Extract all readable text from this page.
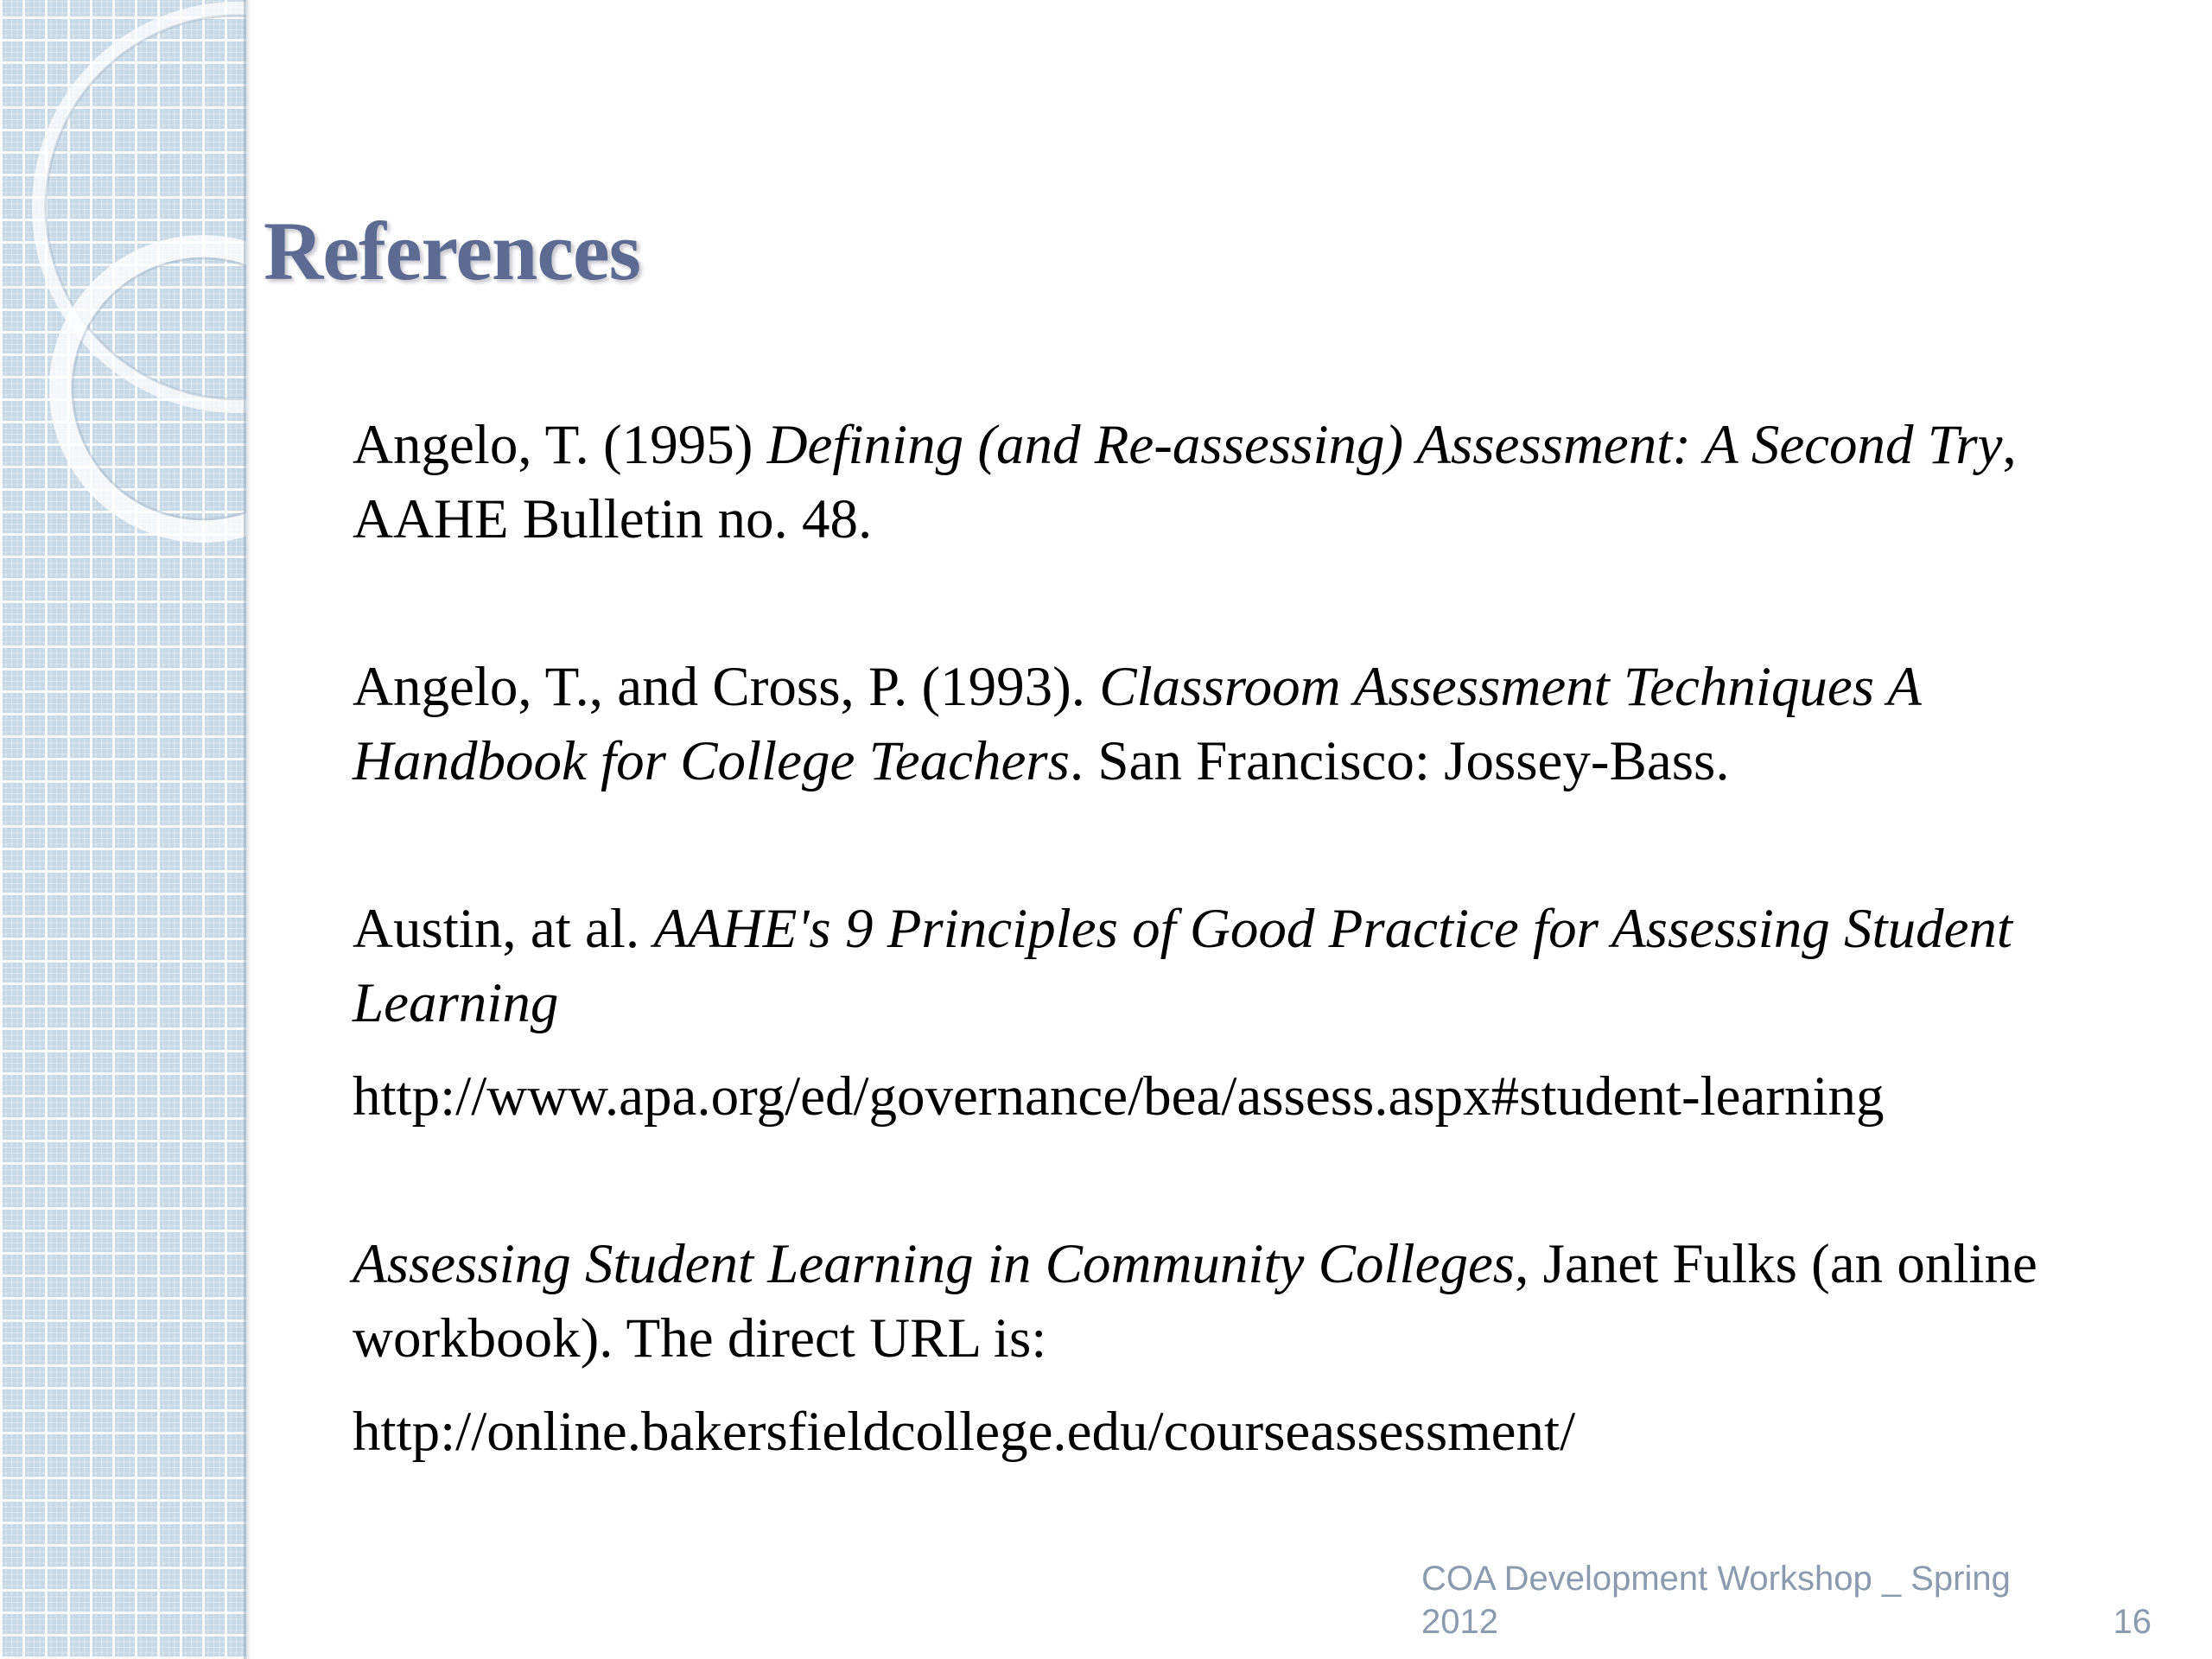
References

Angelo, T. (1995) Defining (and Re-assessing) Assessment: A Second Try, AAHE Bulletin no. 48.

Angelo, T., and Cross, P. (1993). Classroom Assessment Techniques A Handbook for College Teachers. San Francisco: Jossey-Bass.

Austin, at al. AAHE's 9 Principles of Good Practice for Assessing Student Learning
http://www.apa.org/ed/governance/bea/assess.aspx#student-learning

Assessing Student Learning in Community Colleges, Janet Fulks (an online workbook). The direct URL is:
http://online.bakersfieldcollege.edu/courseassessment/

COA Development Workshop _ Spring 2012	16
